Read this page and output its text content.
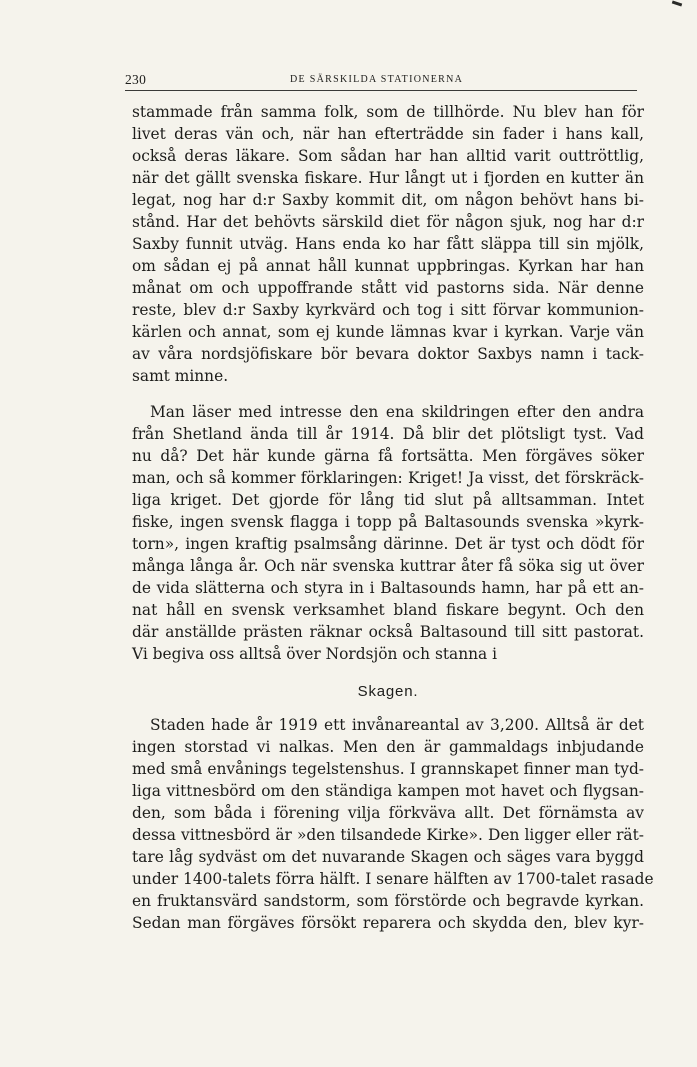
230	DE SÄRSKILDA STATIONERNA
stammade från samma folk, som de tillhörde. Nu blev han för
livet deras vän och, när han efterträdde sin fader i hans kall,
också deras läkare. Som sådan har han alltid varit outtröttlig,
när det gällt svenska fiskare. Hur långt ut i fjorden en kutter än
legat, nog har d:r Saxby kommit dit, om någon behövt hans bi-
stånd. Har det behövts särskild diet för någon sjuk, nog har d:r
Saxby funnit utväg. Hans enda ko har fått släppa till sin mjölk,
om sådan ej på annat håll kunnat uppbringas. Kyrkan har han
månat om och uppoffrande stått vid pastorns sida. När denne
reste, blev d:r Saxby kyrkvärd och tog i sitt förvar kommunion-
kärlen och annat, som ej kunde lämnas kvar i kyrkan. Varje vän
av våra nordsjöfiskare bör bevara doktor Saxbys namn i tack-
samt minne.
Man läser med intresse den ena skildringen efter den andra
från Shetland ända till år 1914. Då blir det plötsligt tyst. Vad
nu då? Det här kunde gärna få fortsätta. Men förgäves söker
man, och så kommer förklaringen: Kriget! Ja visst, det förskräck-
liga kriget. Det gjorde för lång tid slut på alltsamman. Intet
fiske, ingen svensk flagga i topp på Baltasounds svenska »kyrk-
torn», ingen kraftig psalmsång därinne. Det är tyst och dödt för
många långa år. Och när svenska kuttrar åter få söka sig ut över
de vida slätterna och styra in i Baltasounds hamn, har på ett an-
nat håll en svensk verksamhet bland fiskare begynt. Och den
där anställde prästen räknar också Baltasound till sitt pastorat.
Vi begiva oss alltså över Nordsjön och stanna i
Skagen.
Staden hade år 1919 ett invånareantal av 3,200. Alltså är det
ingen storstad vi nalkas. Men den är gammaldags inbjudande
med små envånings tegelstenshus. I grannskapet finner man tyd-
liga vittnesbörd om den ständiga kampen mot havet och flygsan-
den, som båda i förening vilja förkväva allt. Det förnämsta av
dessa vittnesbörd är »den tilsandede Kirke». Den ligger eller rät-
tare låg sydväst om det nuvarande Skagen och säges vara byggd
under 1400-talets förra hälft. I senare hälften av 1700-talet rasade
en fruktansvärd sandstorm, som förstörde och begravde kyrkan.
Sedan man förgäves försökt reparera och skydda den, blev kyr-
